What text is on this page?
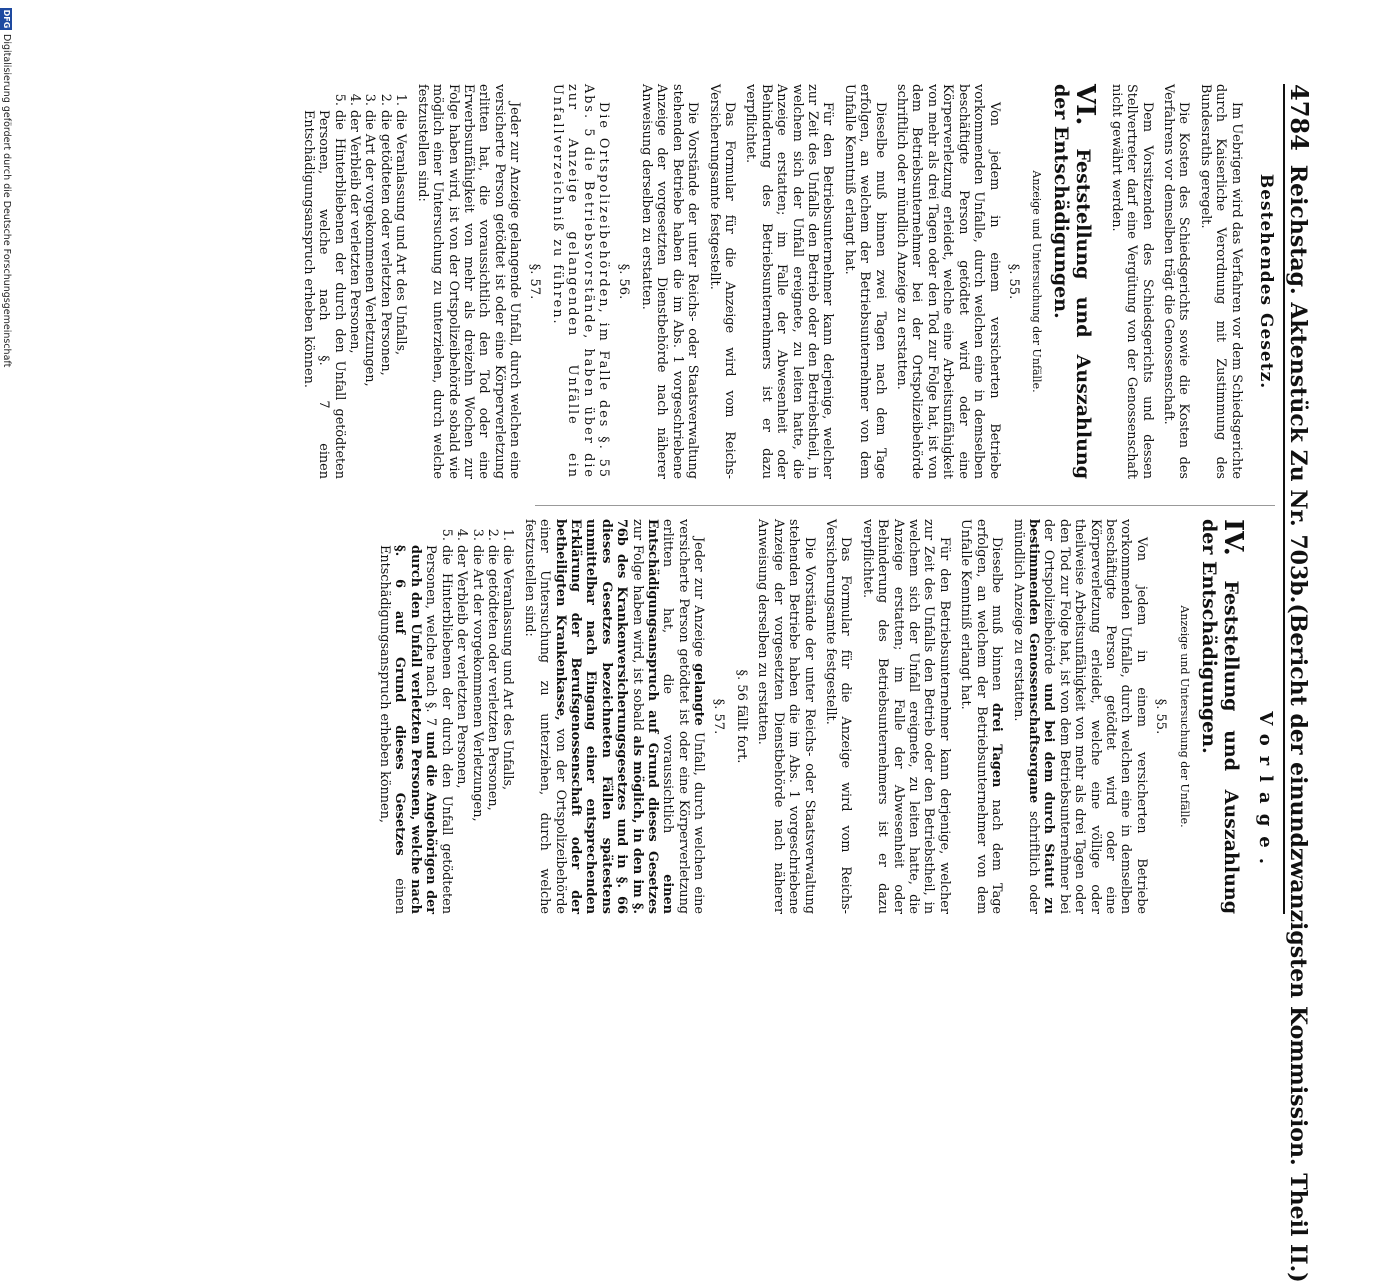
4784
Reichstag. Aktenstück Zu Nr. 703b.
(Bericht der einundzwanzigsten Kommission. Theil II.)
Bestehendes Gesetz.

Im Uebrigen wird das Verfahren vor dem Schiedsgerichte durch Kaiserliche Verordnung mit Zustimmung des Bundesraths geregelt.

Die Kosten des Schiedsgerichts sowie die Kosten des Verfahrens vor demselben trägt die Genossenschaft.

Dem Vorsitzenden des Schiedsgerichts und dessen Stellvertreter darf eine Vergütung von der Genossenschaft nicht gewährt werden.

VI. Feststellung und Auszahlung der Entschädigungen.
Anzeige und Untersuchung der Unfälle.
§. 55.

Von jedem in einem versicherten Betriebe vorkommenden Unfalle, durch welchen eine in demselben beschäftigte Person getödtet wird oder eine Körperverletzung erleidet, welche eine Arbeitsunfähigkeit von mehr als drei Tagen oder den Tod zur Folge hat, ist von dem Betriebsunternehmer bei der Ortspolizeibehörde schriftlich oder mündlich Anzeige zu erstatten.

Dieselbe muß binnen zwei Tagen nach dem Tage erfolgen, an welchem der Betriebsunternehmer von dem Unfalle Kenntniß erlangt hat.

Für den Betriebsunternehmer kann derjenige, welcher zur Zeit des Unfalls den Betrieb oder den Betriebstheil, in welchem sich der Unfall ereignete, zu leiten hatte, die Anzeige erstatten; im Falle der Abwesenheit oder Behinderung des Betriebsunternehmers ist er dazu verpflichtet.

Das Formular für die Anzeige wird vom Reichs-Versicherungsamte festgestellt.

Die Vorstände der unter Reichs- oder Staatsverwaltung stehenden Betriebe haben die im Abs. 1 vorgeschriebene Anzeige der vorgesetzten Dienstbehörde nach näherer Anweisung derselben zu erstatten.

§. 56.

Die Ortspolizeibehörden, im Falle des §. 55 Abs. 5 die Betriebsvorstände, haben über die zur Anzeige gelangenden Unfälle ein Unfallverzeichniß zu führen.

§. 57.

Jeder zur Anzeige gelangende Unfall, durch welchen eine versicherte Person getödtet ist oder eine Körperverletzung erlitten hat, die voraussichtlich den Tod oder eine Erwerbsunfähigkeit von mehr als dreizehn Wochen zur Folge haben wird, ist von der Ortspolizeibehörde sobald wie möglich einer Untersuchung zu unterziehen, durch welche festzustellen sind:

1. die Veranlassung und Art des Unfalls,
2. die getödteten oder verletzten Personen,
3. die Art der vorgekommenen Verletzungen,
4. der Verbleib der verletzten Personen,
5. die Hinterbliebenen der durch den Unfall getödteten Personen, welche nach §. 7 einen Entschädigungsanspruch erheben können.
Vorlage.
IV. Feststellung und Auszahlung der Entschädigungen.
Anzeige und Untersuchung der Unfälle.
§. 55.

Von jedem in einem versicherten Betriebe vorkommenden Unfalle, durch welchen eine in demselben beschäftigte Person getödtet wird oder eine Körperverletzung erleidet, welche eine völlige oder theilweise Arbeitsunfähigkeit von mehr als drei Tagen oder den Tod zur Folge hat, ist von dem Betriebsunternehmer bei der Ortspolizeibehörde und bei dem durch Statut zu bestimmenden Genossenschaftsorgane schriftlich oder mündlich Anzeige zu erstatten.

Dieselbe muß binnen drei Tagen nach dem Tage erfolgen, an welchem der Betriebsunternehmer von dem Unfalle Kenntniß erlangt hat.

Für den Betriebsunternehmer kann derjenige, welcher zur Zeit des Unfalls den Betrieb oder den Betriebstheil, in welchem sich der Unfall ereignete, zu leiten hatte, die Anzeige erstatten; im Falle der Abwesenheit oder Behinderung des Betriebsunternehmers ist er dazu verpflichtet.

Das Formular für die Anzeige wird vom Reichs-Versicherungsamte festgestellt.

Die Vorstände der unter Reichs- oder Staatsverwaltung stehenden Betriebe haben die im Abs. 1 vorgeschriebene Anzeige der vorgesetzten Dienstbehörde nach näherer Anweisung derselben zu erstatten.

§. 56 fällt fort.
§. 57.

Jeder zur Anzeige gelangte Unfall, durch welchen eine versicherte Person getödtet ist oder eine Körperverletzung erlitten hat, die voraussichtlich einen Entschädigungsanspruch auf Grund dieses Gesetzes zur Folge haben wird, ist sobald als möglich, in den im §. 76b des Krankenversicherungsgesetzes und in §. 66 dieses Gesetzes bezeichneten Fällen spätestens unmittelbar nach Eingang einer entsprechenden Erklärung der Berufsgenossenschaft oder der betheiligten Krankenkasse, von der Ortspolizeibehörde einer Untersuchung zu unterziehen, durch welche festzustellen sind:

1. die Veranlassung und Art des Unfalls,
2. die getödteten oder verletzten Personen,
3. die Art der vorgekommenen Verletzungen,
4. der Verbleib der verletzten Personen,
5. die Hinterbliebenen der durch den Unfall getödteten Personen, welche nach §. 7 und die Angehörigen der durch den Unfall verletzten Personen, welche nach §. 6 auf Grund dieses Gesetzes einen Entschädigungsanspruch erheben können,
DFG
Digitalisierung gefördert durch die Deutsche Forschungsgemeinschaft
